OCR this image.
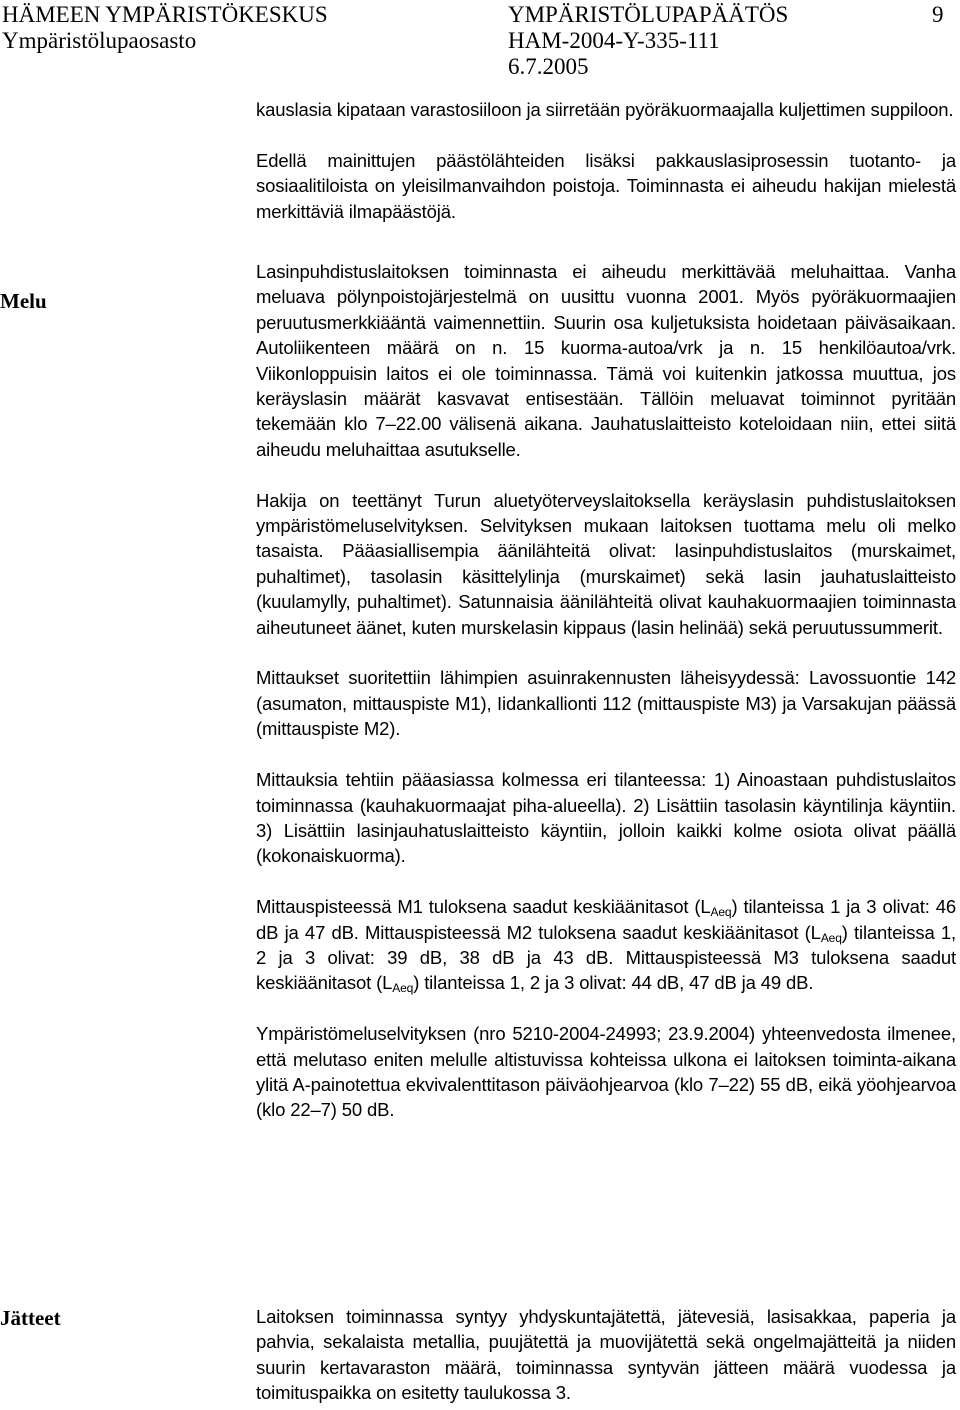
HÄMEEN YMPÄRISTÖKESKUS	YMPÄRISTÖLUPAPÄÄTÖS	9
Ympäristölupaosasto	HAM-2004-Y-335-111
6.7.2005
Melu
Jätteet

kauslasia kipataan varastosiiloon ja siirretään pyöräkuormaajalla kuljettimen suppiloon.

Edellä mainittujen päästölähteiden lisäksi pakkauslasiprosessin tuotanto- ja sosiaalitiloista on yleisilmanvaihdon poistoja. Toiminnasta ei aiheudu hakijan mielestä merkittäviä ilmapäästöjä.

Lasinpuhdistuslaitoksen toiminnasta ei aiheudu merkittävää meluhaittaa. Vanha meluava pölynpoistojärjestelmä on uusittu vuonna 2001. Myös pyöräkuormaajien peruutusmerkkiääntä vaimennettiin. Suurin osa kuljetuksista hoidetaan päiväsaikaan. Autoliikenteen määrä on n. 15 kuorma-autoa/vrk ja n. 15 henkilöautoa/vrk. Viikonloppuisin laitos ei ole toiminnassa. Tämä voi kuitenkin jatkossa muuttua, jos keräyslasin määrät kasvavat entisestään. Tällöin meluavat toiminnot pyritään tekemään klo 7–22.00 välisenä aikana. Jauhatuslaitteisto koteloidaan niin, ettei siitä aiheudu meluhaittaa asutukselle.

Hakija on teettänyt Turun aluetyöterveyslaitoksella keräyslasin puhdistuslaitoksen ympäristömeluselvityksen. Selvityksen mukaan laitoksen tuottama melu oli melko tasaista. Pääasiallisempia äänilähteitä olivat: lasinpuhdistuslaitos (murskaimet, puhaltimet), tasolasin käsittelylinja (murskaimet) sekä lasin jauhatuslaitteisto (kuulamylly, puhaltimet). Satunnaisia äänilähteitä olivat kauhakuormaajien toiminnasta aiheutuneet äänet, kuten murskelasin kippaus (lasin helinää) sekä peruutussummerit.

Mittaukset suoritettiin lähimpien asuinrakennusten läheisyydessä: Lavossuontie 142 (asumaton, mittauspiste M1), Iidankallionti 112 (mittauspiste M3) ja Varsakujan päässä (mittauspiste M2).

Mittauksia tehtiin pääasiassa kolmessa eri tilanteessa: 1) Ainoastaan puhdistuslaitos toiminnassa (kauhakuormaajat piha-alueella). 2) Lisättiin tasolasin käyntilinja käyntiin. 3) Lisättiin lasinjauhatuslaitteisto käyntiin, jolloin kaikki kolme osiota olivat päällä (kokonaiskuorma).

Mittauspisteessä M1 tuloksena saadut keskiäänitasot $(L_{Aeq})$ tilanteissa 1 ja 3 olivat: 46 dB ja 47 dB. Mittauspisteessä M2 tuloksena saadut keskiäänitasot $(L_{Aeq})$ tilanteissa 1, 2 ja 3 olivat: 39 dB, 38 dB ja 43 dB. Mittauspisteessä M3 tuloksena saadut keskiäänitasot $(L_{Aeq})$ tilanteissa 1, 2 ja 3 olivat: 44 dB, 47 dB ja 49 dB.

Ympäristömeluselvityksen (nro 5210-2004-24993; 23.9.2004) yhteenvedosta ilmenee, että melutaso eniten melulle altistuvissa kohteissa ulkona ei laitoksen toiminta-aikana ylitä A-painotettua ekvivalenttitason päiväohjearvoa (klo 7–22) 55 dB, eikä yöohjearvoa (klo 22–7) 50 dB.

Laitoksen toiminnassa syntyy yhdyskuntajätettä, jätevesiä, lasisakkaa, paperia ja pahvia, sekalaista metallia, puujätettä ja muovijätettä sekä ongelmajätteitä ja niiden suurin kertavaraston määrä, toiminnassa syntyvän jätteen määrä vuodessa ja toimituspaikka on esitetty taulukossa 3.
